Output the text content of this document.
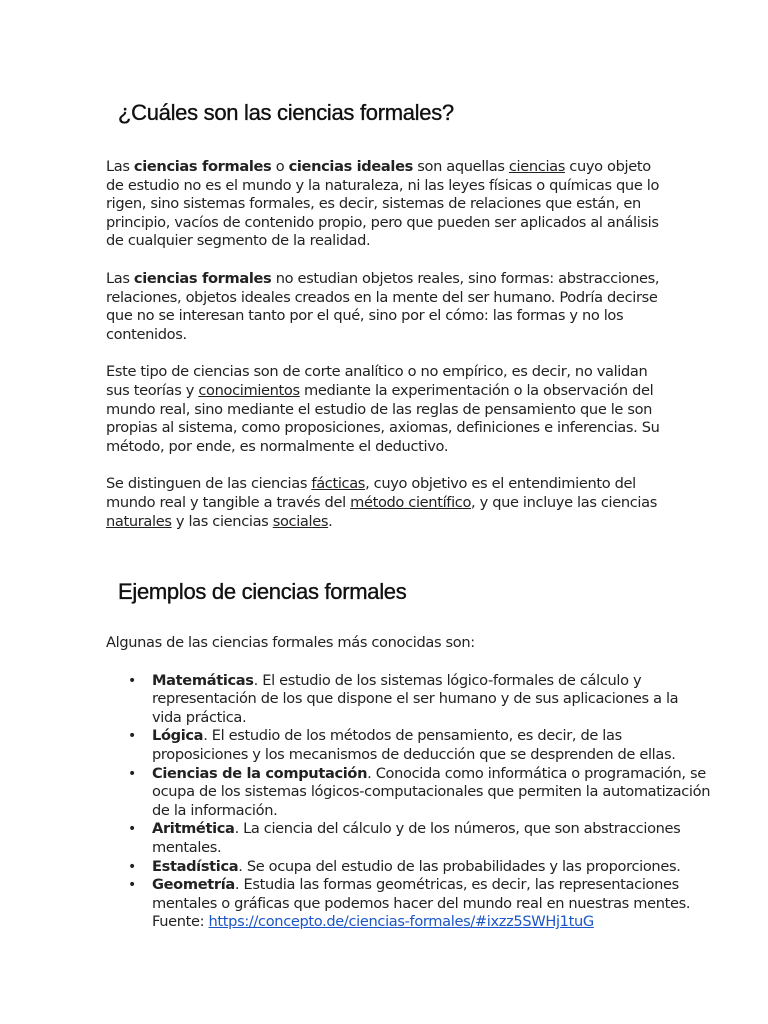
¿Cuáles son las ciencias formales?

Las ciencias formales o ciencias ideales son aquellas ciencias cuyo objeto de estudio no es el mundo y la naturaleza, ni las leyes físicas o químicas que lo rigen, sino sistemas formales, es decir, sistemas de relaciones que están, en principio, vacíos de contenido propio, pero que pueden ser aplicados al análisis de cualquier segmento de la realidad.

Las ciencias formales no estudian objetos reales, sino formas: abstracciones, relaciones, objetos ideales creados en la mente del ser humano. Podría decirse que no se interesan tanto por el qué, sino por el cómo: las formas y no los contenidos.

Este tipo de ciencias son de corte analítico o no empírico, es decir, no validan sus teorías y conocimientos mediante la experimentación o la observación del mundo real, sino mediante el estudio de las reglas de pensamiento que le son propias al sistema, como proposiciones, axiomas, definiciones e inferencias. Su método, por ende, es normalmente el deductivo.

Se distinguen de las ciencias fácticas, cuyo objetivo es el entendimiento del mundo real y tangible a través del método científico, y que incluye las ciencias naturales y las ciencias sociales.

Ejemplos de ciencias formales

Algunas de las ciencias formales más conocidas son:

• Matemáticas. El estudio de los sistemas lógico-formales de cálculo y representación de los que dispone el ser humano y de sus aplicaciones a la vida práctica.
• Lógica. El estudio de los métodos de pensamiento, es decir, de las proposiciones y los mecanismos de deducción que se desprenden de ellas.
• Ciencias de la computación. Conocida como informática o programación, se ocupa de los sistemas lógicos-computacionales que permiten la automatización de la información.
• Aritmética. La ciencia del cálculo y de los números, que son abstracciones mentales.
• Estadística. Se ocupa del estudio de las probabilidades y las proporciones.
• Geometría. Estudia las formas geométricas, es decir, las representaciones mentales o gráficas que podemos hacer del mundo real en nuestras mentes.
Fuente: https://concepto.de/ciencias-formales/#ixzz5SWHj1tuG
